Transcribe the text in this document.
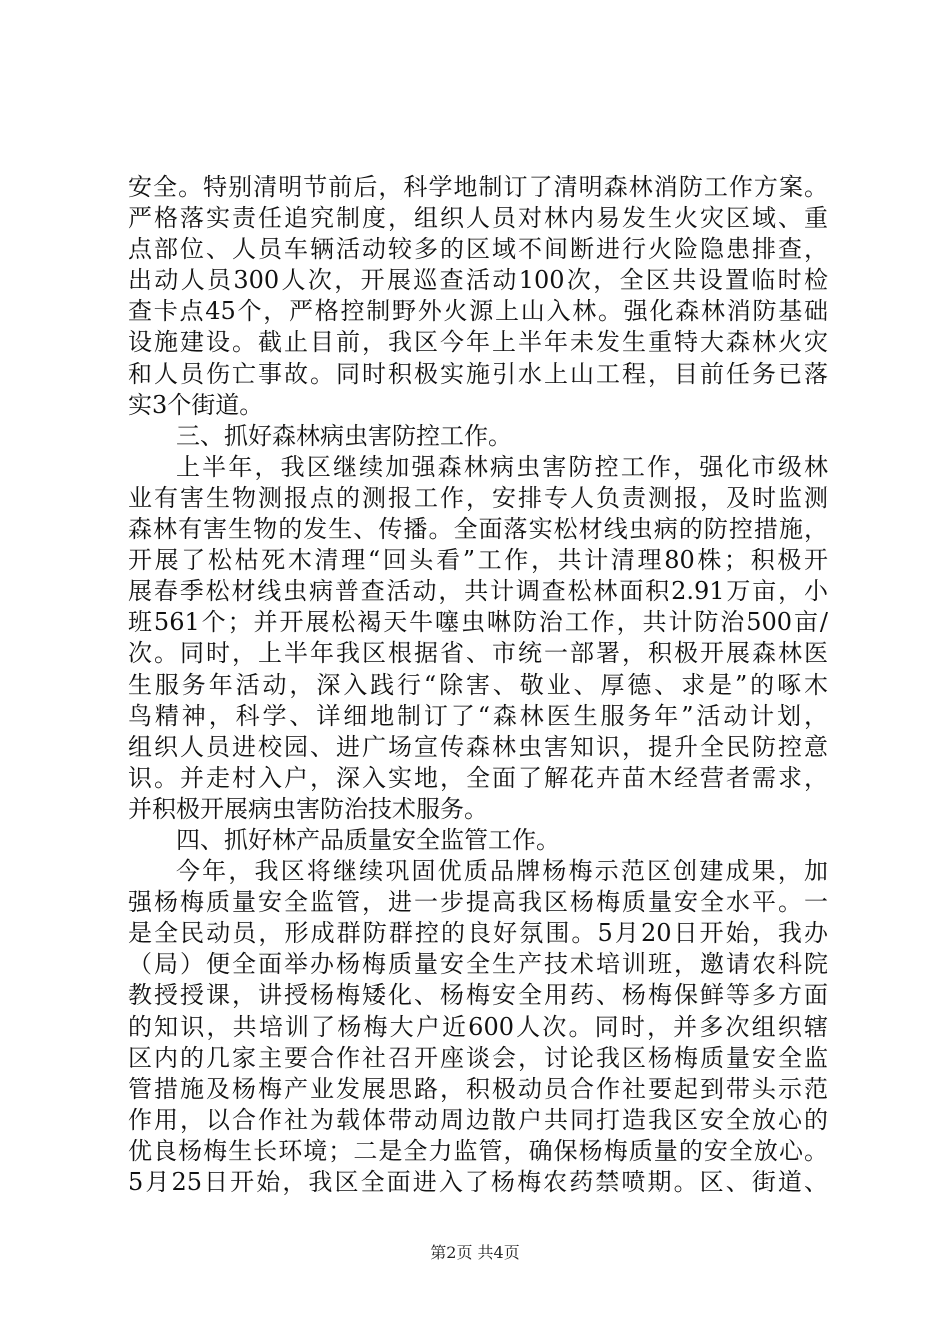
安全。特别清明节前后，科学地制订了清明森林消防工作方案。
严格落实责任追究制度，组织人员对林内易发生火灾区域、重
点部位、人员车辆活动较多的区域不间断进行火险隐患排查，
出动人员300人次，开展巡查活动100次，全区共设置临时检
查卡点45个，严格控制野外火源上山入林。强化森林消防基础
设施建设。截止目前，我区今年上半年未发生重特大森林火灾
和人员伤亡事故。同时积极实施引水上山工程，目前任务已落
实3个街道。
三、抓好森林病虫害防控工作。
上半年，我区继续加强森林病虫害防控工作，强化市级林
业有害生物测报点的测报工作，安排专人负责测报，及时监测
森林有害生物的发生、传播。全面落实松材线虫病的防控措施，
开展了松枯死木清理“回头看”工作，共计清理80株；积极开
展春季松材线虫病普查活动，共计调查松林面积2.91万亩，小
班561个；并开展松褐天牛噻虫啉防治工作，共计防治500亩/
次。同时，上半年我区根据省、市统一部署，积极开展森林医
生服务年活动，深入践行“除害、敬业、厚德、求是”的啄木
鸟精神，科学、详细地制订了“森林医生服务年”活动计划，
组织人员进校园、进广场宣传森林虫害知识，提升全民防控意
识。并走村入户，深入实地，全面了解花卉苗木经营者需求，
并积极开展病虫害防治技术服务。
四、抓好林产品质量安全监管工作。
今年，我区将继续巩固优质品牌杨梅示范区创建成果，加
强杨梅质量安全监管，进一步提高我区杨梅质量安全水平。一
是全民动员，形成群防群控的良好氛围。5月20日开始，我办
（局）便全面举办杨梅质量安全生产技术培训班，邀请农科院
教授授课，讲授杨梅矮化、杨梅安全用药、杨梅保鲜等多方面
的知识，共培训了杨梅大户近600人次。同时，并多次组织辖
区内的几家主要合作社召开座谈会，讨论我区杨梅质量安全监
管措施及杨梅产业发展思路，积极动员合作社要起到带头示范
作用，以合作社为载体带动周边散户共同打造我区安全放心的
优良杨梅生长环境；二是全力监管，确保杨梅质量的安全放心。
5月25日开始，我区全面进入了杨梅农药禁喷期。区、街道、
第2页 共4页
